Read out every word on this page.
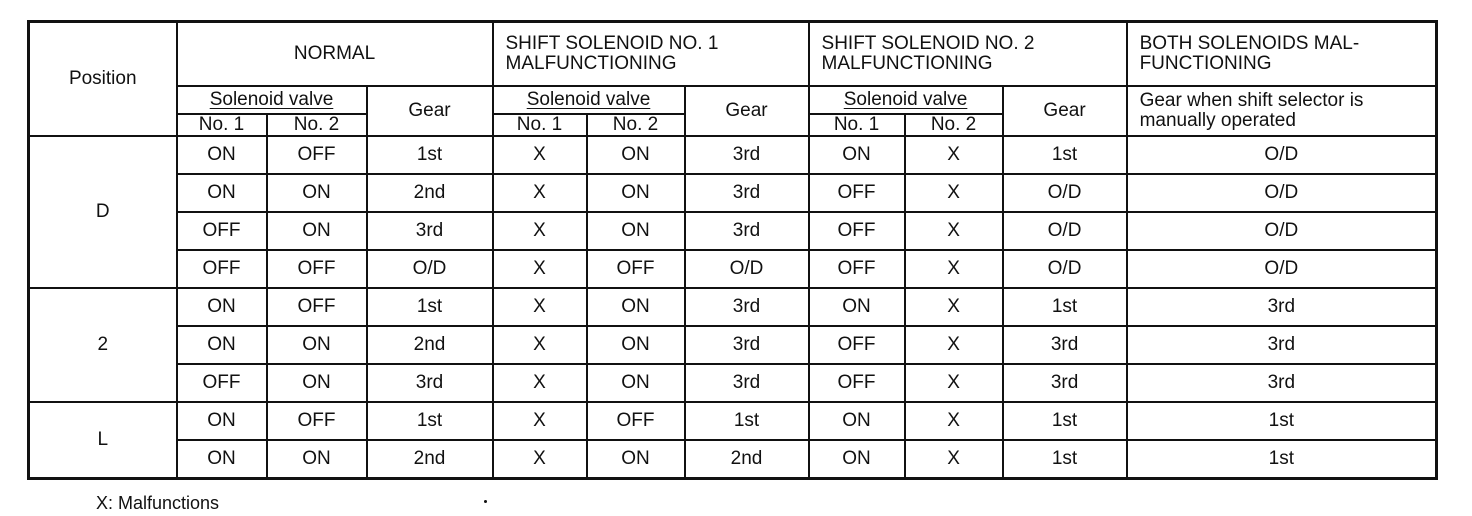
Position	NORMAL			SHIFT SOLENOID NO. 1 MALFUNCTIONING			SHIFT SOLENOID NO. 2 MALFUNCTIONING			BOTH SOLENOIDS MAL- FUNCTIONING
	Solenoid valve		Gear	Solenoid valve		Gear	Solenoid valve		Gear	Gear when shift selector is manually operated
	No. 1	No. 2		No. 1	No. 2		No. 1	No. 2		
D	ON	OFF	1st	X	ON	3rd	ON	X	1st	O/D
	ON	ON	2nd	X	ON	3rd	OFF	X	O/D	O/D
	OFF	ON	3rd	X	ON	3rd	OFF	X	O/D	O/D
	OFF	OFF	O/D	X	OFF	O/D	OFF	X	O/D	O/D
2	ON	OFF	1st	X	ON	3rd	ON	X	1st	3rd
	ON	ON	2nd	X	ON	3rd	OFF	X	3rd	3rd
	OFF	ON	3rd	X	ON	3rd	OFF	X	3rd	3rd
L	ON	OFF	1st	X	OFF	1st	ON	X	1st	1st
	ON	ON	2nd	X	ON	2nd	ON	X	1st	1st
X: Malfunctions
